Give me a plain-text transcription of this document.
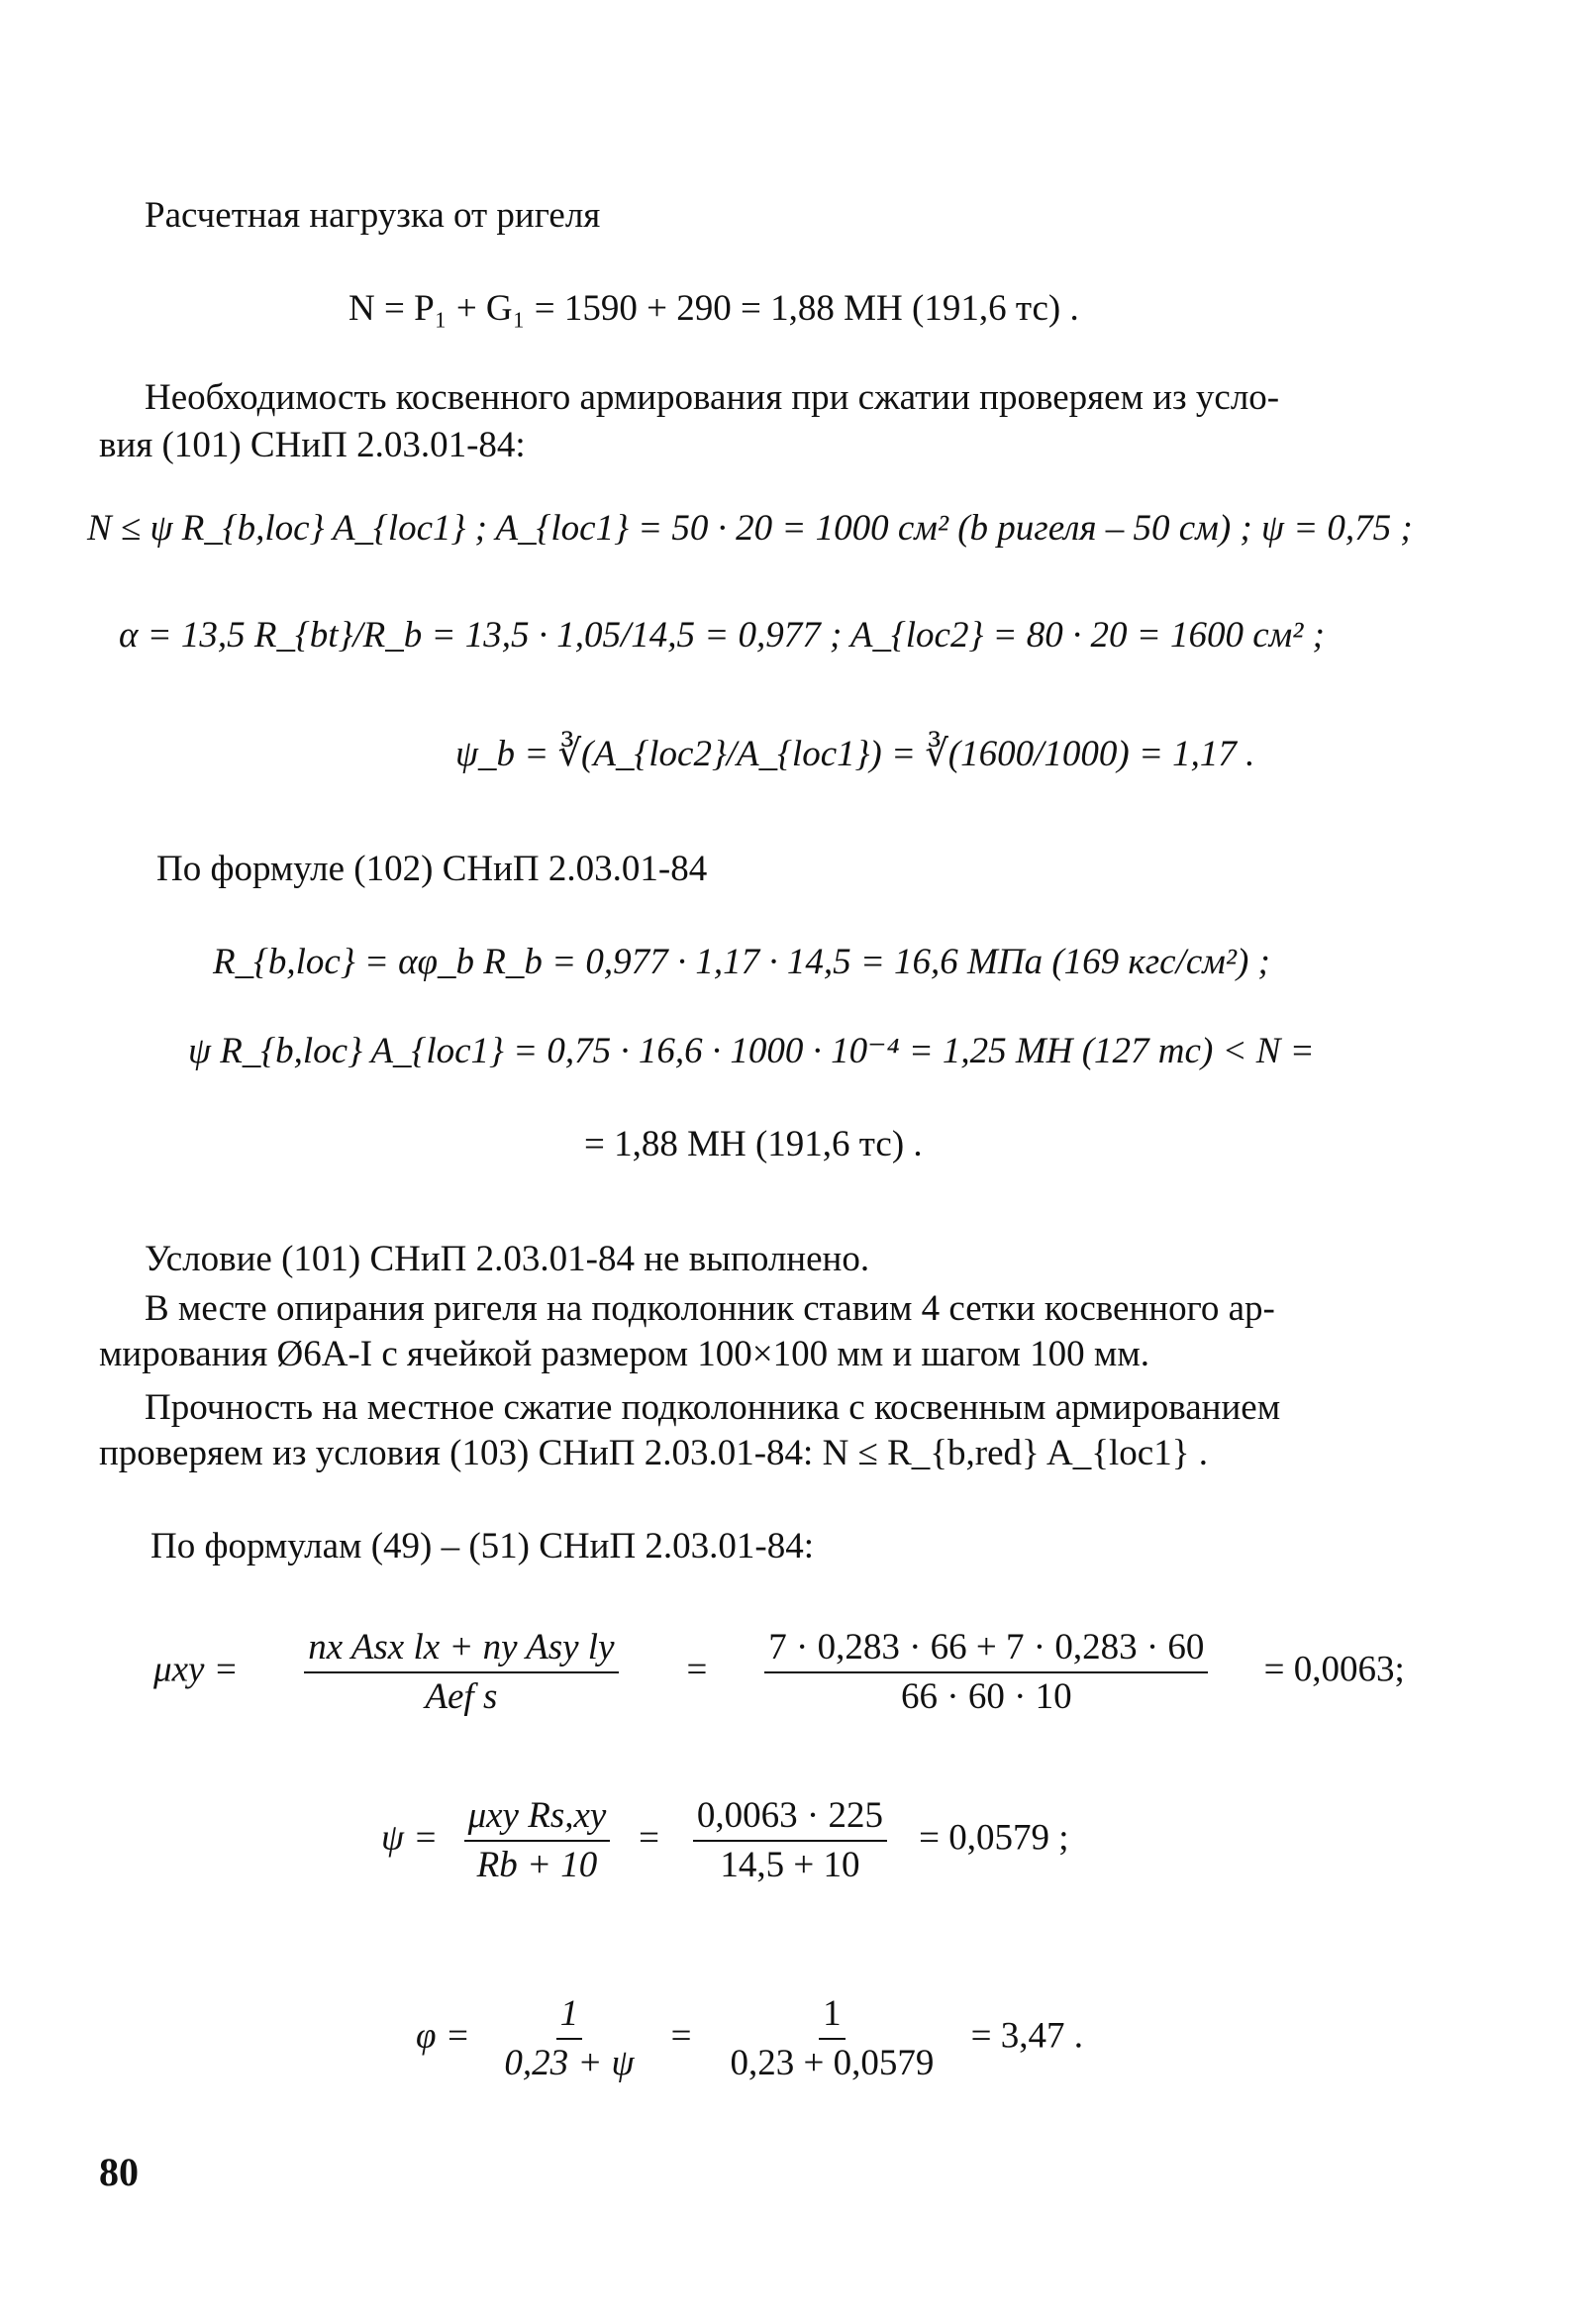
Расчетная нагрузка от ригеля
N = P₁ + G₁ = 1590 + 290 = 1,88 МН (191,6 тс) .
Необходимость косвенного армирования при сжатии проверяем из усло-
вия (101) СНиП 2.03.01-84:
N ≤ ψ R_{b,loc} A_{loc1} ; A_{loc1} = 50 · 20 = 1000 см² (b ригеля – 50 см) ; ψ = 0,75 ;
α = 13,5 R_{bt}/R_b = 13,5 · 1,05/14,5 = 0,977 ; A_{loc2} = 80 · 20 = 1600 см² ;
ψ_b = ∛(A_{loc2}/A_{loc1}) = ∛(1600/1000) = 1,17 .
По формуле (102) СНиП 2.03.01-84
R_{b,loc} = αφ_b R_b = 0,977 · 1,17 · 14,5 = 16,6 МПа (169 кгс/см²) ;
ψ R_{b,loc} A_{loc1} = 0,75 · 16,6 · 1000 · 10⁻⁴ = 1,25 МН (127 тс) < N =
= 1,88 МН (191,6 тс) .
Условие (101) СНиП 2.03.01-84 не выполнено.
В месте опирания ригеля на подколонник ставим 4 сетки косвенного ар-
мирования Ø6А-I с ячейкой размером 100×100 мм и шагом 100 мм.
Прочность на местное сжатие подколонника с косвенным армированием
проверяем из условия (103) СНиП 2.03.01-84: N ≤ R_{b,red} A_{loc1} .
По формулам (49) – (51) СНиП 2.03.01-84:
$\mu xy = \frac{\text{nx Asx lx + ny Asy ly}}{\text{Aef s}} = \frac{7 \cdot 0,283 \cdot 66 + 7 \cdot 0,283 \cdot 60}{66 \cdot 60 \cdot 10} = 0,0063$;
$\psi = \frac{\text{μxy Rs,xy}}{Rb + 10} = \frac{0,0063 \cdot 225}{14,5 + 10} = 0,0579$ ;
$\varphi = \frac{1}{0,23 + \psi} = \frac{1}{0,23 + 0,0579} = 3,47$ .
80
